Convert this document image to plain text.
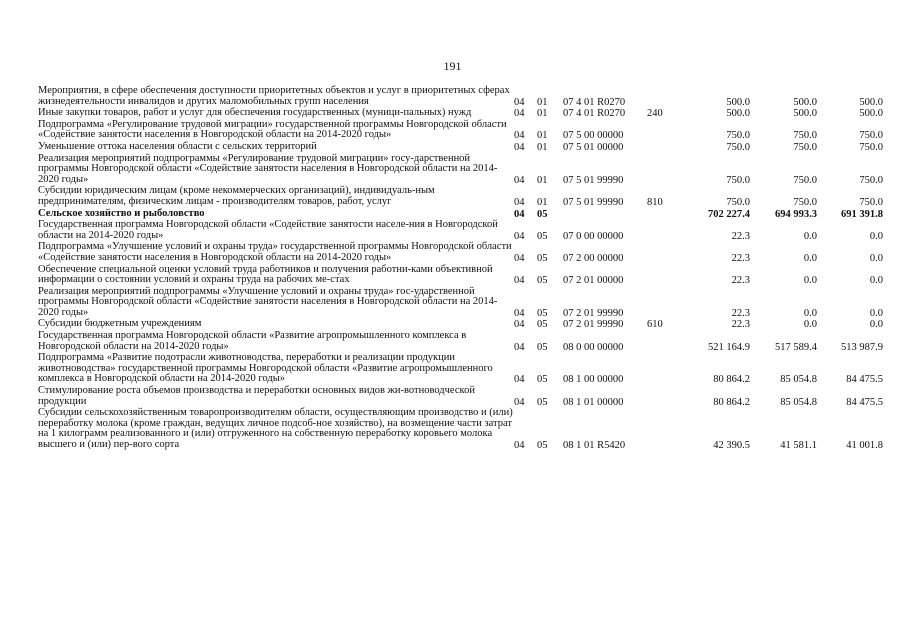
191
Мероприятия, в сфере обеспечения доступности приоритетных объектов и услуг в приоритетных сферах жизнедеятельности инвалидов и других маломобильных групп населения	04	01	07 4 01 R0270		500.0	500.0	500.0
Иные закупки товаров, работ и услуг для обеспечения государственных (муници-пальных) нужд	04	01	07 4 01 R0270	240	500.0	500.0	500.0
Подпрограмма «Регулирование трудовой миграции» государственной программы Новгородской области «Содействие занятости населения в Новгородской области на 2014-2020 годы»	04	01	07 5 00 00000		750.0	750.0	750.0
Уменьшение оттока населения области с сельских территорий	04	01	07 5 01 00000		750.0	750.0	750.0
Реализация мероприятий подпрограммы «Регулирование трудовой миграции» госу-дарственной программы Новгородской области «Содействие занятости населения в Новгородской области на 2014-2020 годы»	04	01	07 5 01 99990		750.0	750.0	750.0
Субсидии юридическим лицам (кроме некоммерческих организаций), индивидуаль-ным предпринимателям, физическим лицам - производителям товаров, работ, услуг	04	01	07 5 01 99990	810	750.0	750.0	750.0
Сельское хозяйство и рыболовство	04	05			702 227.4	694 993.3	691 391.8
Государственная программа Новгородской области «Содействие занятости населе-ния в Новгородской области на 2014-2020 годы»	04	05	07 0 00 00000		22.3	0.0	0.0
Подпрограмма «Улучшение условий и охраны труда» государственной программы Новгородской области «Содействие занятости населения в Новгородской области на 2014-2020 годы»	04	05	07 2 00 00000		22.3	0.0	0.0
Обеспечение специальной оценки условий труда работников и получения работни-ками объективной информации о состоянии условий и охраны труда на рабочих ме-стах	04	05	07 2 01 00000		22.3	0.0	0.0
Реализация мероприятий подпрограммы «Улучшение условий и охраны труда» гос-ударственной программы Новгородской области «Содействие занятости населения в Новгородской области на 2014-2020 годы»	04	05	07 2 01 99990		22.3	0.0	0.0
Субсидии бюджетным учреждениям	04	05	07 2 01 99990	610	22.3	0.0	0.0
Государственная программа Новгородской области «Развитие агропромышленного комплекса в Новгородской области на 2014-2020 годы»	04	05	08 0 00 00000		521 164.9	517 589.4	513 987.9
Подпрограмма «Развитие подотрасли животноводства, переработки и реализации продукции животноводства» государственной программы Новгородской области «Развитие агропромышленного комплекса в Новгородской области на 2014-2020 годы»	04	05	08 1 00 00000		80 864.2	85 054.8	84 475.5
Стимулирование роста объемов производства и переработки основных видов жи-вотноводческой продукции	04	05	08 1 01 00000		80 864.2	85 054.8	84 475.5
Субсидии сельскохозяйственным товаропроизводителям области, осуществляющим производство и (или) переработку молока (кроме граждан, ведущих личное подсоб-ное хозяйство), на возмещение части затрат на 1 килограмм реализованного и (или) отгруженного на собственную переработку коровьего молока высшего и (или) пер-вого сорта	04	05	08 1 01 R5420		42 390.5	41 581.1	41 001.8
